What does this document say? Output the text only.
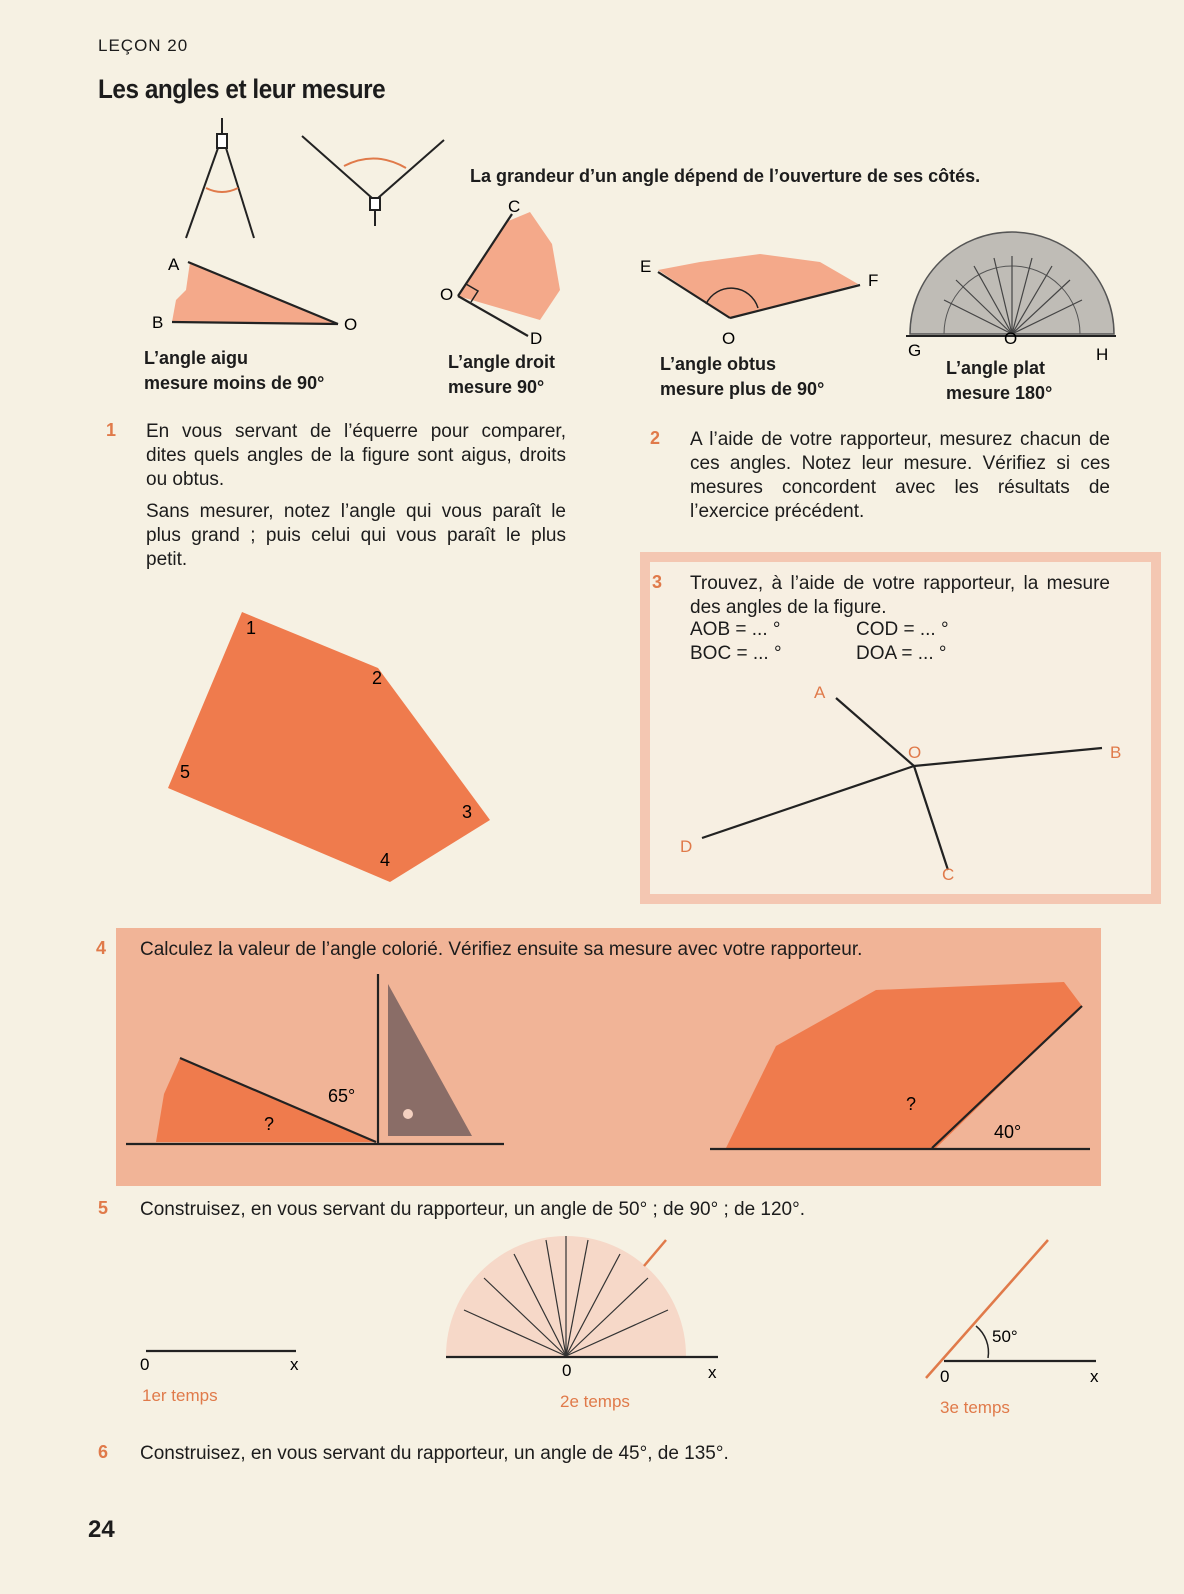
LEÇON 20
Les angles et leur mesure
La grandeur d’un angle dépend de l’ouverture de ses côtés.
A
B	O
C
O
D
E
O
F
G
O
H
L’angle aigu
mesure moins de 90°
L’angle droit
mesure 90°
L’angle obtus
mesure plus de 90°
L’angle plat
mesure 180°
1 En vous servant de l’équerre pour comparer, dites quels angles de la figure sont aigus, droits ou obtus.

Sans mesurer, notez l’angle qui vous paraît le plus grand ; puis celui qui vous paraît le plus petit.

1
2
3
4
5
2 A l’aide de votre rapporteur, mesurez chacun de ces angles. Notez leur mesure. Vérifiez si ces mesures concordent avec les résultats de l’exercice précédent.
3 Trouvez, à l’aide de votre rapporteur, la mesure des angles de la figure.
AOB = ... °	COD = ... °
BOC = ... °	DOA = ... °
A
O	B
C
D
4 Calculez la valeur de l’angle colorié. Vérifiez ensuite sa mesure avec votre rapporteur.
65°
?
?
40°
5 Construisez, en vous servant du rapporteur, un angle de 50° ; de 90° ; de 120°.
0	x	0	x
50°
0	x
1er temps	2e temps	3e temps
6 Construisez, en vous servant du rapporteur, un angle de 45°, de 135°.
24
